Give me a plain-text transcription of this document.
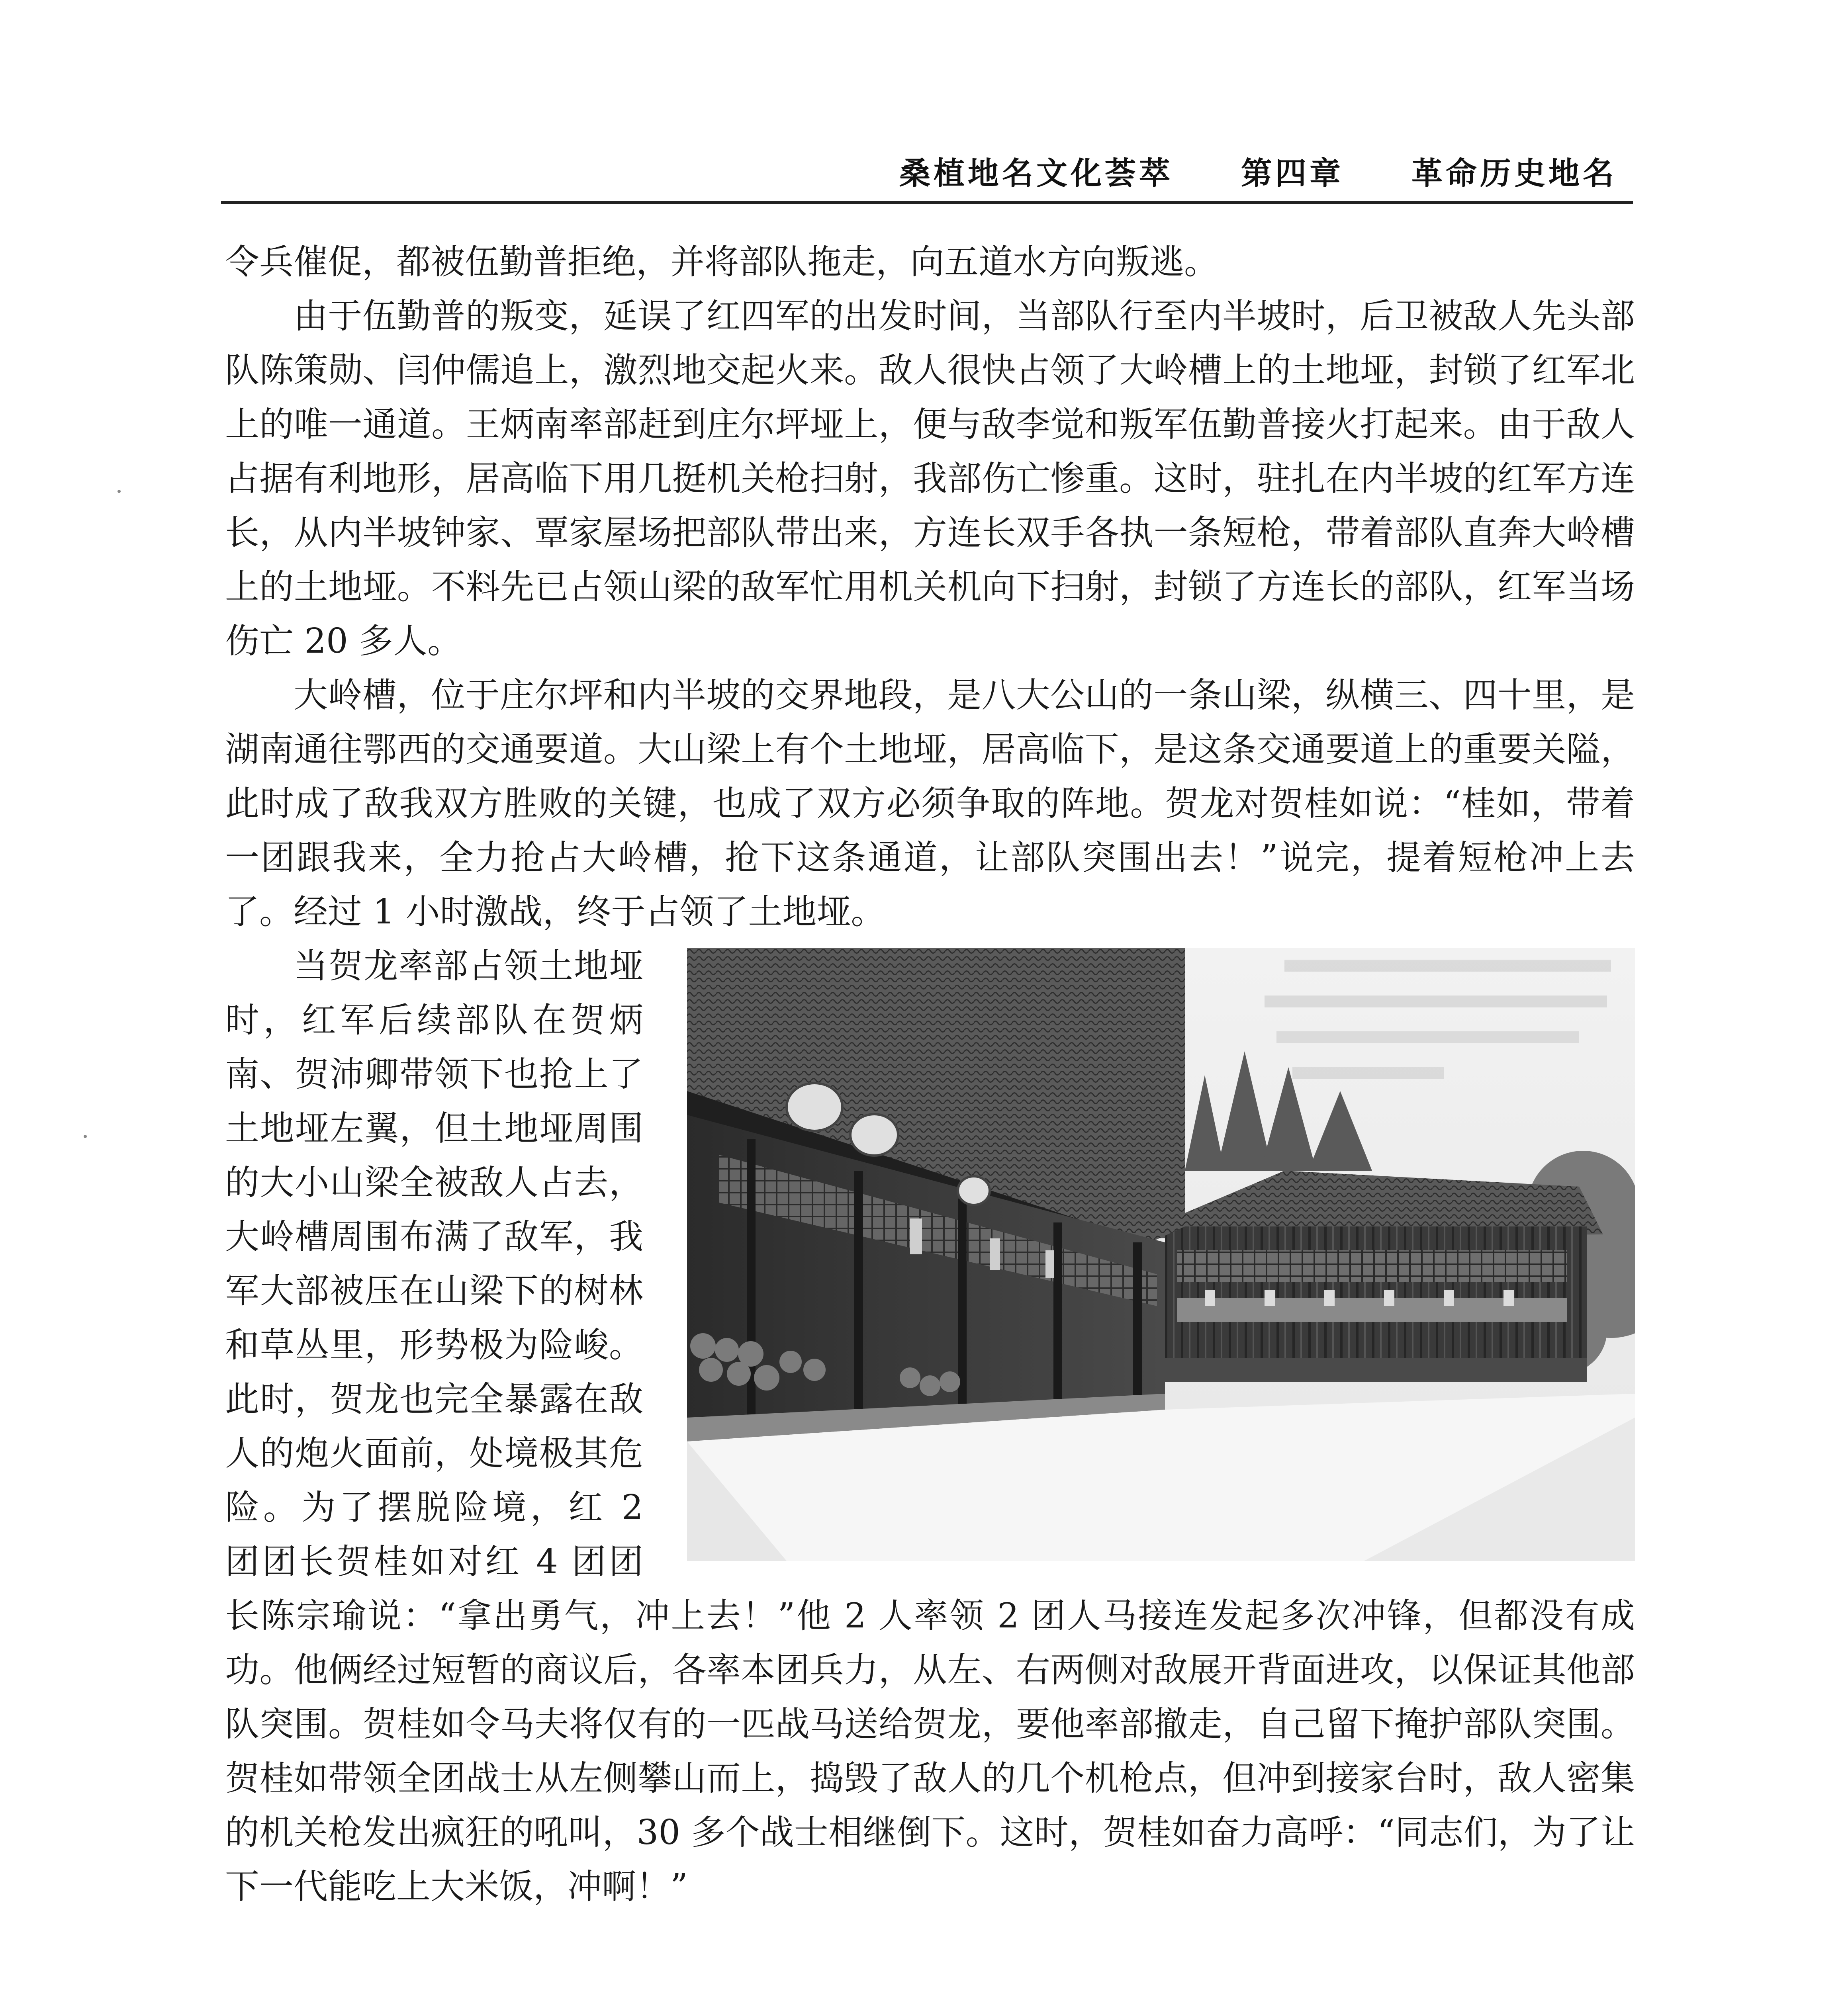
桑植地名文化荟萃 第四章 革命历史地名

令兵催促，都被伍勤普拒绝，并将部队拖走，向五道水方向叛逃。

由于伍勤普的叛变，延误了红四军的出发时间，当部队行至内半坡时，后卫被敌人先头部队陈策勋、闫仲儒追上，激烈地交起火来。敌人很快占领了大岭槽上的土地垭，封锁了红军北上的唯一通道。王炳南率部赶到庄尔坪垭上，便与敌李觉和叛军伍勤普接火打起来。由于敌人占据有利地形，居高临下用几挺机关枪扫射，我部伤亡惨重。这时，驻扎在内半坡的红军方连长，从内半坡钟家、覃家屋场把部队带出来，方连长双手各执一条短枪，带着部队直奔大岭槽上的土地垭。不料先已占领山梁的敌军忙用机关机向下扫射，封锁了方连长的部队，红军当场伤亡 20 多人。

大岭槽，位于庄尔坪和内半坡的交界地段，是八大公山的一条山梁，纵横三、四十里，是湖南通往鄂西的交通要道。大山梁上有个土地垭，居高临下，是这条交通要道上的重要关隘，此时成了敌我双方胜败的关键，也成了双方必须争取的阵地。贺龙对贺桂如说：“桂如，带着一团跟我来，全力抢占大岭槽，抢下这条通道，让部队突围出去！”说完，提着短枪冲上去了。经过 1 小时激战，终于占领了土地垭。

当贺龙率部占领土地垭时，红军后续部队在贺炳南、贺沛卿带领下也抢上了土地垭左翼，但土地垭周围的大小山梁全被敌人占去，大岭槽周围布满了敌军，我军大部被压在山梁下的树林和草丛里，形势极为险峻。此时，贺龙也完全暴露在敌人的炮火面前，处境极其危险。为了摆脱险境，红 2 团团长贺桂如对红 4 团团长陈宗瑜说：“拿出勇气，冲上去！”他 2 人率领 2 团人马接连发起多次冲锋，但都没有成功。他俩经过短暂的商议后，各率本团兵力，从左、右两侧对敌展开背面进攻，以保证其他部队突围。贺桂如令马夫将仅有的一匹战马送给贺龙，要他率部撤走，自己留下掩护部队突围。贺桂如带领全团战士从左侧攀山而上，捣毁了敌人的几个机枪点，但冲到接家台时，敌人密集的机关枪发出疯狂的吼叫，30 多个战士相继倒下。这时，贺桂如奋力高呼：“同志们，为了让下一代能吃上大米饭，冲啊！”
